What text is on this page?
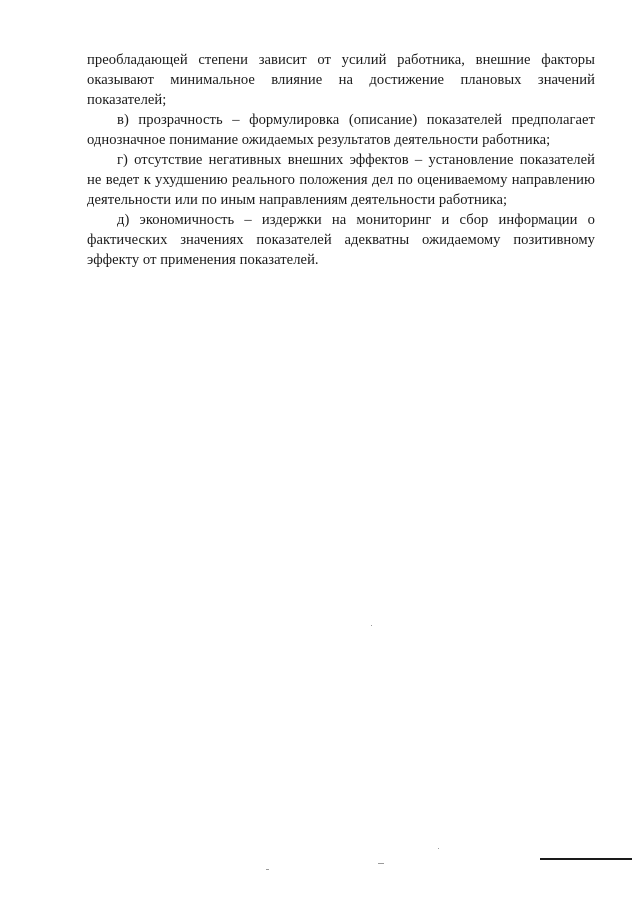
преобладающей степени зависит от усилий работника, внешние факторы оказывают минимальное влияние на достижение плановых значений показателей;

в) прозрачность – формулировка (описание) показателей предполагает однозначное понимание ожидаемых результатов деятельности работника;

г) отсутствие негативных внешних эффектов – установление показателей не ведет к ухудшению реального положения дел по оцениваемому направлению деятельности или по иным направлениям деятельности работника;

д) экономичность – издержки на мониторинг и сбор информации о фактических значениях показателей адекватны ожидаемому позитивному эффекту от применения показателей.
